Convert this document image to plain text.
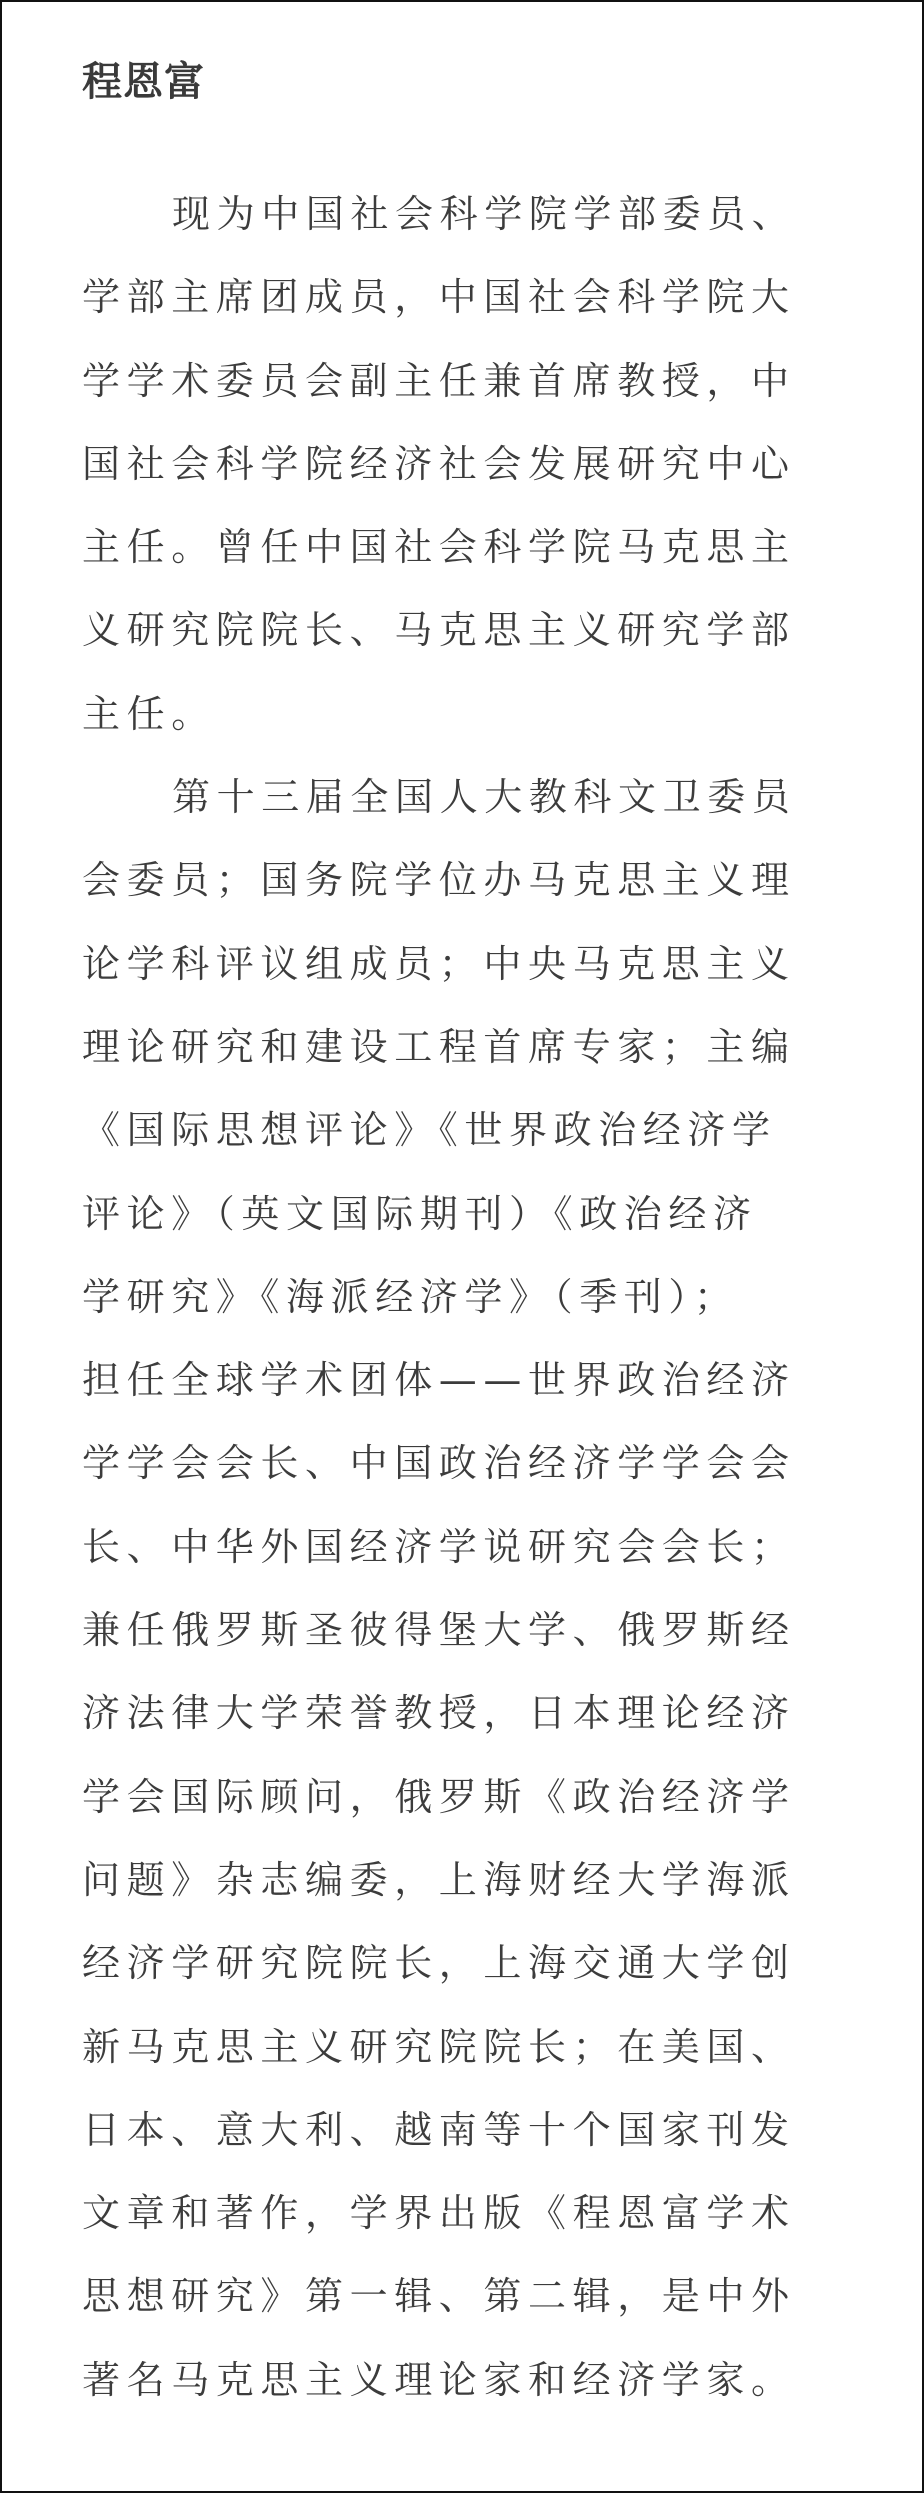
程恩富
现为中国社会科学院学部委员、
学部主席团成员，中国社会科学院大
学学术委员会副主任兼首席教授，中
国社会科学院经济社会发展研究中心
主任。曾任中国社会科学院马克思主
义研究院院长、马克思主义研究学部
主任。
第十三届全国人大教科文卫委员
会委员；国务院学位办马克思主义理
论学科评议组成员；中央马克思主义
理论研究和建设工程首席专家；主编
《国际思想评论》《世界政治经济学
评论》（英文国际期刊）《政治经济
学研究》《海派经济学》（季刊）；
担任全球学术团体——世界政治经济
学学会会长、中国政治经济学学会会
长、中华外国经济学说研究会会长；
兼任俄罗斯圣彼得堡大学、俄罗斯经
济法律大学荣誉教授，日本理论经济
学会国际顾问，俄罗斯《政治经济学
问题》杂志编委，上海财经大学海派
经济学研究院院长，上海交通大学创
新马克思主义研究院院长；在美国、
日本、意大利、越南等十个国家刊发
文章和著作，学界出版《程恩富学术
思想研究》第一辑、第二辑，是中外
著名马克思主义理论家和经济学家。
